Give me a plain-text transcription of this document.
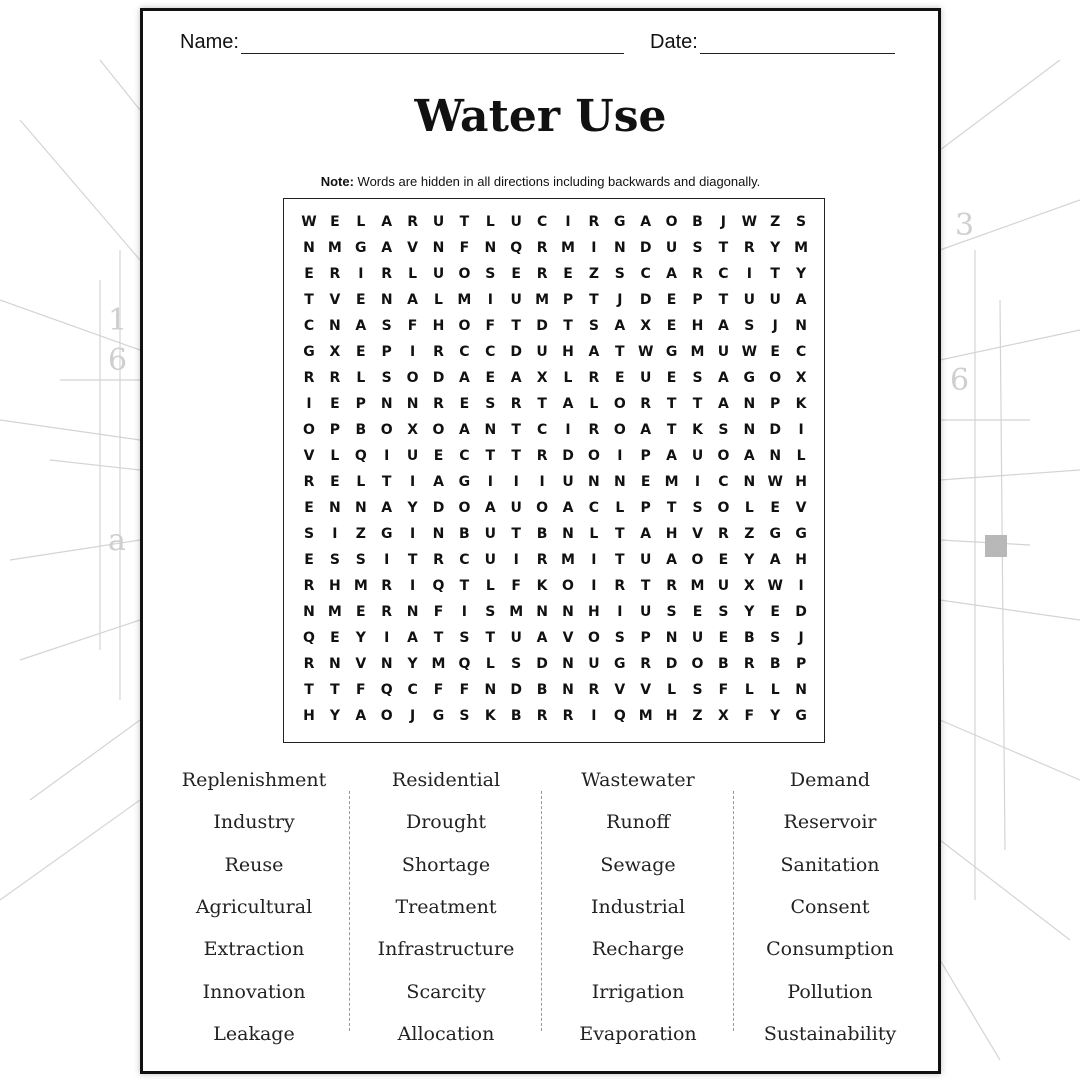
1
6
a
3
6
Name:	Date:
Water Use
Note: Words are hidden in all directions including backwards and diagonally.
W E	L	A	R	U	T	L	U	C	I	R	G	A	O	B	J	W Z	S
N M G	A	V	N	F	N	Q	R M	I	N	D	U	S	T	R	Y M
E	R	I	R	L	U	O	S	E	R	E	Z	S	C	A	R	C	I	T	Y
T	V	E	N	A	L	M	I	U M P	T	J	D	E	P	T	U	U	A
C	N	A	S	F	H	O	F	T	D	T	S	A	X	E	H	A	S	J	N
G	X	E	P	I	R	C	C	D	U	H	A	T W G M U W E	C
R	R	L	S	O	D	A	E	A	X	L	R	E	U	E	S	A	G	O	X
I	E	P	N	N	R	E	S	R	T	A	L	O	R	T	T	A	N	P	K
O	P	B	O	X	O	A	N	T	C	I	R	O	A	T	K	S	N	D	I
V	L	Q	I	U	E	C	T	T	R	D	O	I	P	A	U	O	A	N	L
R	E	L	T	I	A	G	I	I	I	U	N	N	E	M	I	C	N W H
E	N	N	A	Y	D	O	A	U	O	A	C	L	P	T	S	O	L	E	V
S	I	Z	G	I	N	B	U	T	B	N	L	T	A	H	V	R	Z	G	G
E	S	S	I	T	R	C	U	I	R M	I	T	U	A	O	E	Y	A	H
R	H M R	I	Q	T	L	F	K	O	I	R	T	R M U	X W	I
N M	E	R	N	F	I	S M N	N	H	I	U	S	E	S	Y	E	D
Q	E	Y	I	A	T	S	T	U	A	V	O	S	P	N	U	E	B	S	J
R	N	V	N	Y M Q	L	S	D	N	U	G	R	D	O	B	R	B	P
T	T	F	Q	C	F	F	N	D	B	N	R	V	V	L	S	F	L	L	N
H	Y	A	O	J	G	S	K	B	R	R	I	Q M H	Z	X	F	Y	G
Replenishment
Industry
Reuse
Agricultural
Extraction
Innovation
Leakage
Residential
Drought
Shortage
Treatment
Infrastructure
Scarcity
Allocation
Wastewater
Runoff
Sewage
Industrial
Recharge
Irrigation
Evaporation
Demand
Reservoir
Sanitation
Consent
Consumption
Pollution
Sustainability
